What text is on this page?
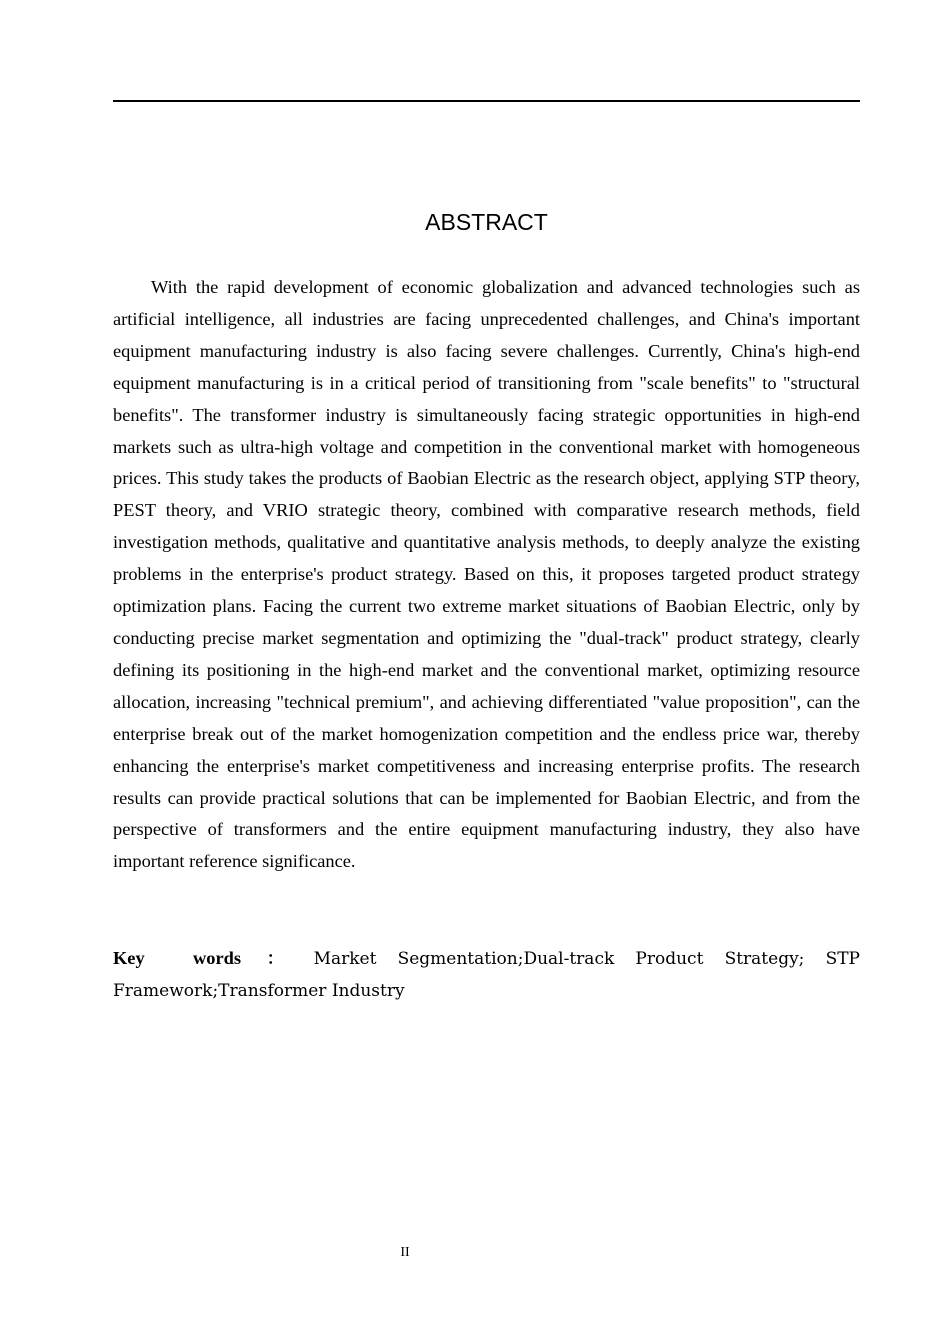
ABSTRACT

With the rapid development of economic globalization and advanced technologies such as artificial intelligence, all industries are facing unprecedented challenges, and China's important equipment manufacturing industry is also facing severe challenges. Currently, China's high-end equipment manufacturing is in a critical period of transitioning from "scale benefits" to "structural benefits". The transformer industry is simultaneously facing strategic opportunities in high-end markets such as ultra-high voltage and competition in the conventional market with homogeneous prices. This study takes the products of Baobian Electric as the research object, applying STP theory, PEST theory, and VRIO strategic theory, combined with comparative research methods, field investigation methods, qualitative and quantitative analysis methods, to deeply analyze the existing problems in the enterprise's product strategy. Based on this, it proposes targeted product strategy optimization plans. Facing the current two extreme market situations of Baobian Electric, only by conducting precise market segmentation and optimizing the "dual-track" product strategy, clearly defining its positioning in the high-end market and the conventional market, optimizing resource allocation, increasing "technical premium", and achieving differentiated "value proposition", can the enterprise break out of the market homogenization competition and the endless price war, thereby enhancing the enterprise's market competitiveness and increasing enterprise profits. The research results can provide practical solutions that can be implemented for Baobian Electric, and from the perspective of transformers and the entire equipment manufacturing industry, they also have important reference significance.

Key words ： Market Segmentation;Dual-track Product Strategy; STP Framework;Transformer Industry

II
